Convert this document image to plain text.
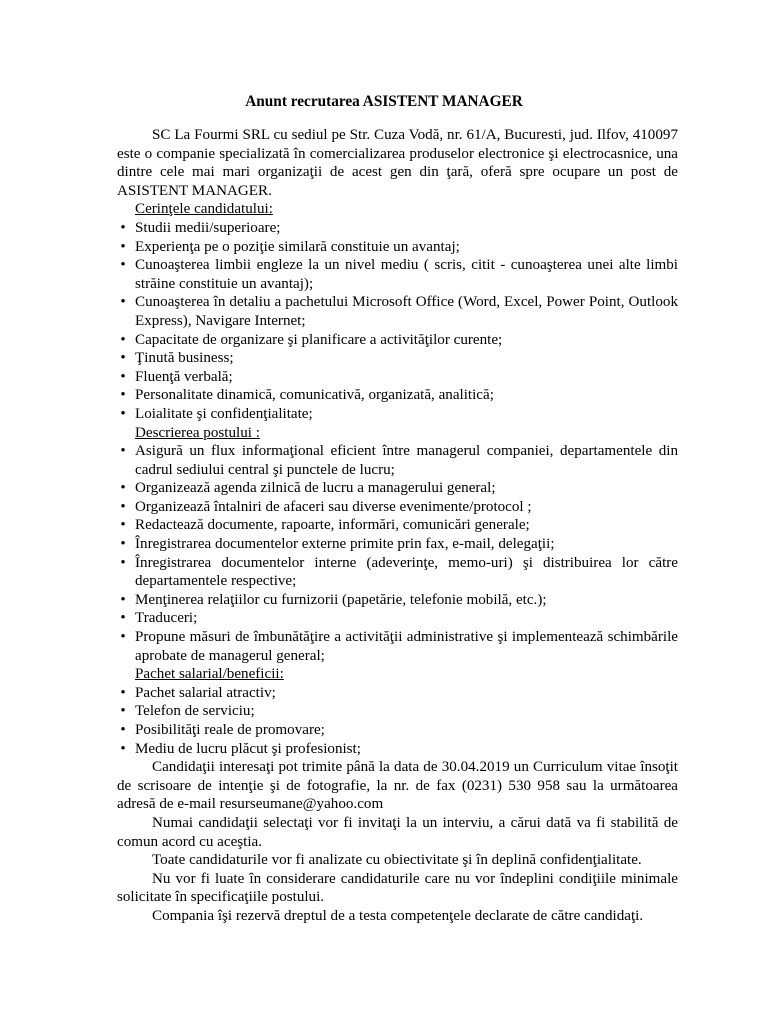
Anunt recrutarea ASISTENT MANAGER

SC La Fourmi SRL cu sediul pe Str. Cuza Vodă, nr. 61/A, Bucuresti, jud. Ilfov, 410097 este o companie specializată în comercializarea produselor electronice şi electrocasnice, una dintre cele mai mari organizaţii de acest gen din ţară, oferă spre ocupare un post de ASISTENT MANAGER.

Cerinţele candidatului:

•
Studii medii/superioare;
•
Experienţa pe o poziţie similară constituie un avantaj;
•
Cunoaşterea limbii engleze la un nivel mediu ( scris, citit - cunoaşterea unei alte limbi străine constituie un avantaj);
•
Cunoaşterea în detaliu a pachetului Microsoft Office (Word, Excel, Power Point, Outlook Express), Navigare Internet;
•
Capacitate de organizare şi planificare a activităţilor curente;
•
Ţinută business;
•
Fluenţă verbală;
•
Personalitate dinamică, comunicativă, organizată, analitică;
•
Loialitate şi confidenţialitate;

Descrierea postului :

•
Asigură un flux informaţional eficient între managerul companiei, departamentele din cadrul sediului central şi punctele de lucru;
•
Organizează agenda zilnică de lucru a managerului general;
•
Organizează întalniri de afaceri sau diverse evenimente/protocol ;
•
Redactează documente, rapoarte, informări, comunicări generale;
•
Înregistrarea documentelor externe primite prin fax, e-mail, delegaţii;
•
Înregistrarea documentelor interne (adeverinţe, memo-uri) şi distribuirea lor către departamentele respective;
•
Menţinerea relaţiilor cu furnizorii (papetărie, telefonie mobilă, etc.);
•
Traduceri;
•
Propune măsuri de îmbunătăţire a activităţii administrative şi implementează schimbările aprobate de managerul general;

Pachet salarial/beneficii:

•
Pachet salarial atractiv;
•
Telefon de serviciu;
•
Posibilităţi reale de promovare;
•
Mediu de lucru plăcut şi profesionist;

Candidaţii interesaţi pot trimite până la data de 30.04.2019 un Curriculum vitae însoţit de scrisoare de intenţie şi de fotografie, la nr. de fax (0231) 530 958 sau la următoarea adresă de e-mail resurseumane@yahoo.com

Numai candidaţii selectaţi vor fi invitaţi la un interviu, a cărui dată va fi stabilită de comun acord cu aceştia.

Toate candidaturile vor fi analizate cu obiectivitate şi în deplină confidenţialitate.

Nu vor fi luate în considerare candidaturile care nu vor îndeplini condiţiile minimale solicitate în specificaţiile postului.

Compania îşi rezervă dreptul de a testa competenţele declarate de către candidaţi.
